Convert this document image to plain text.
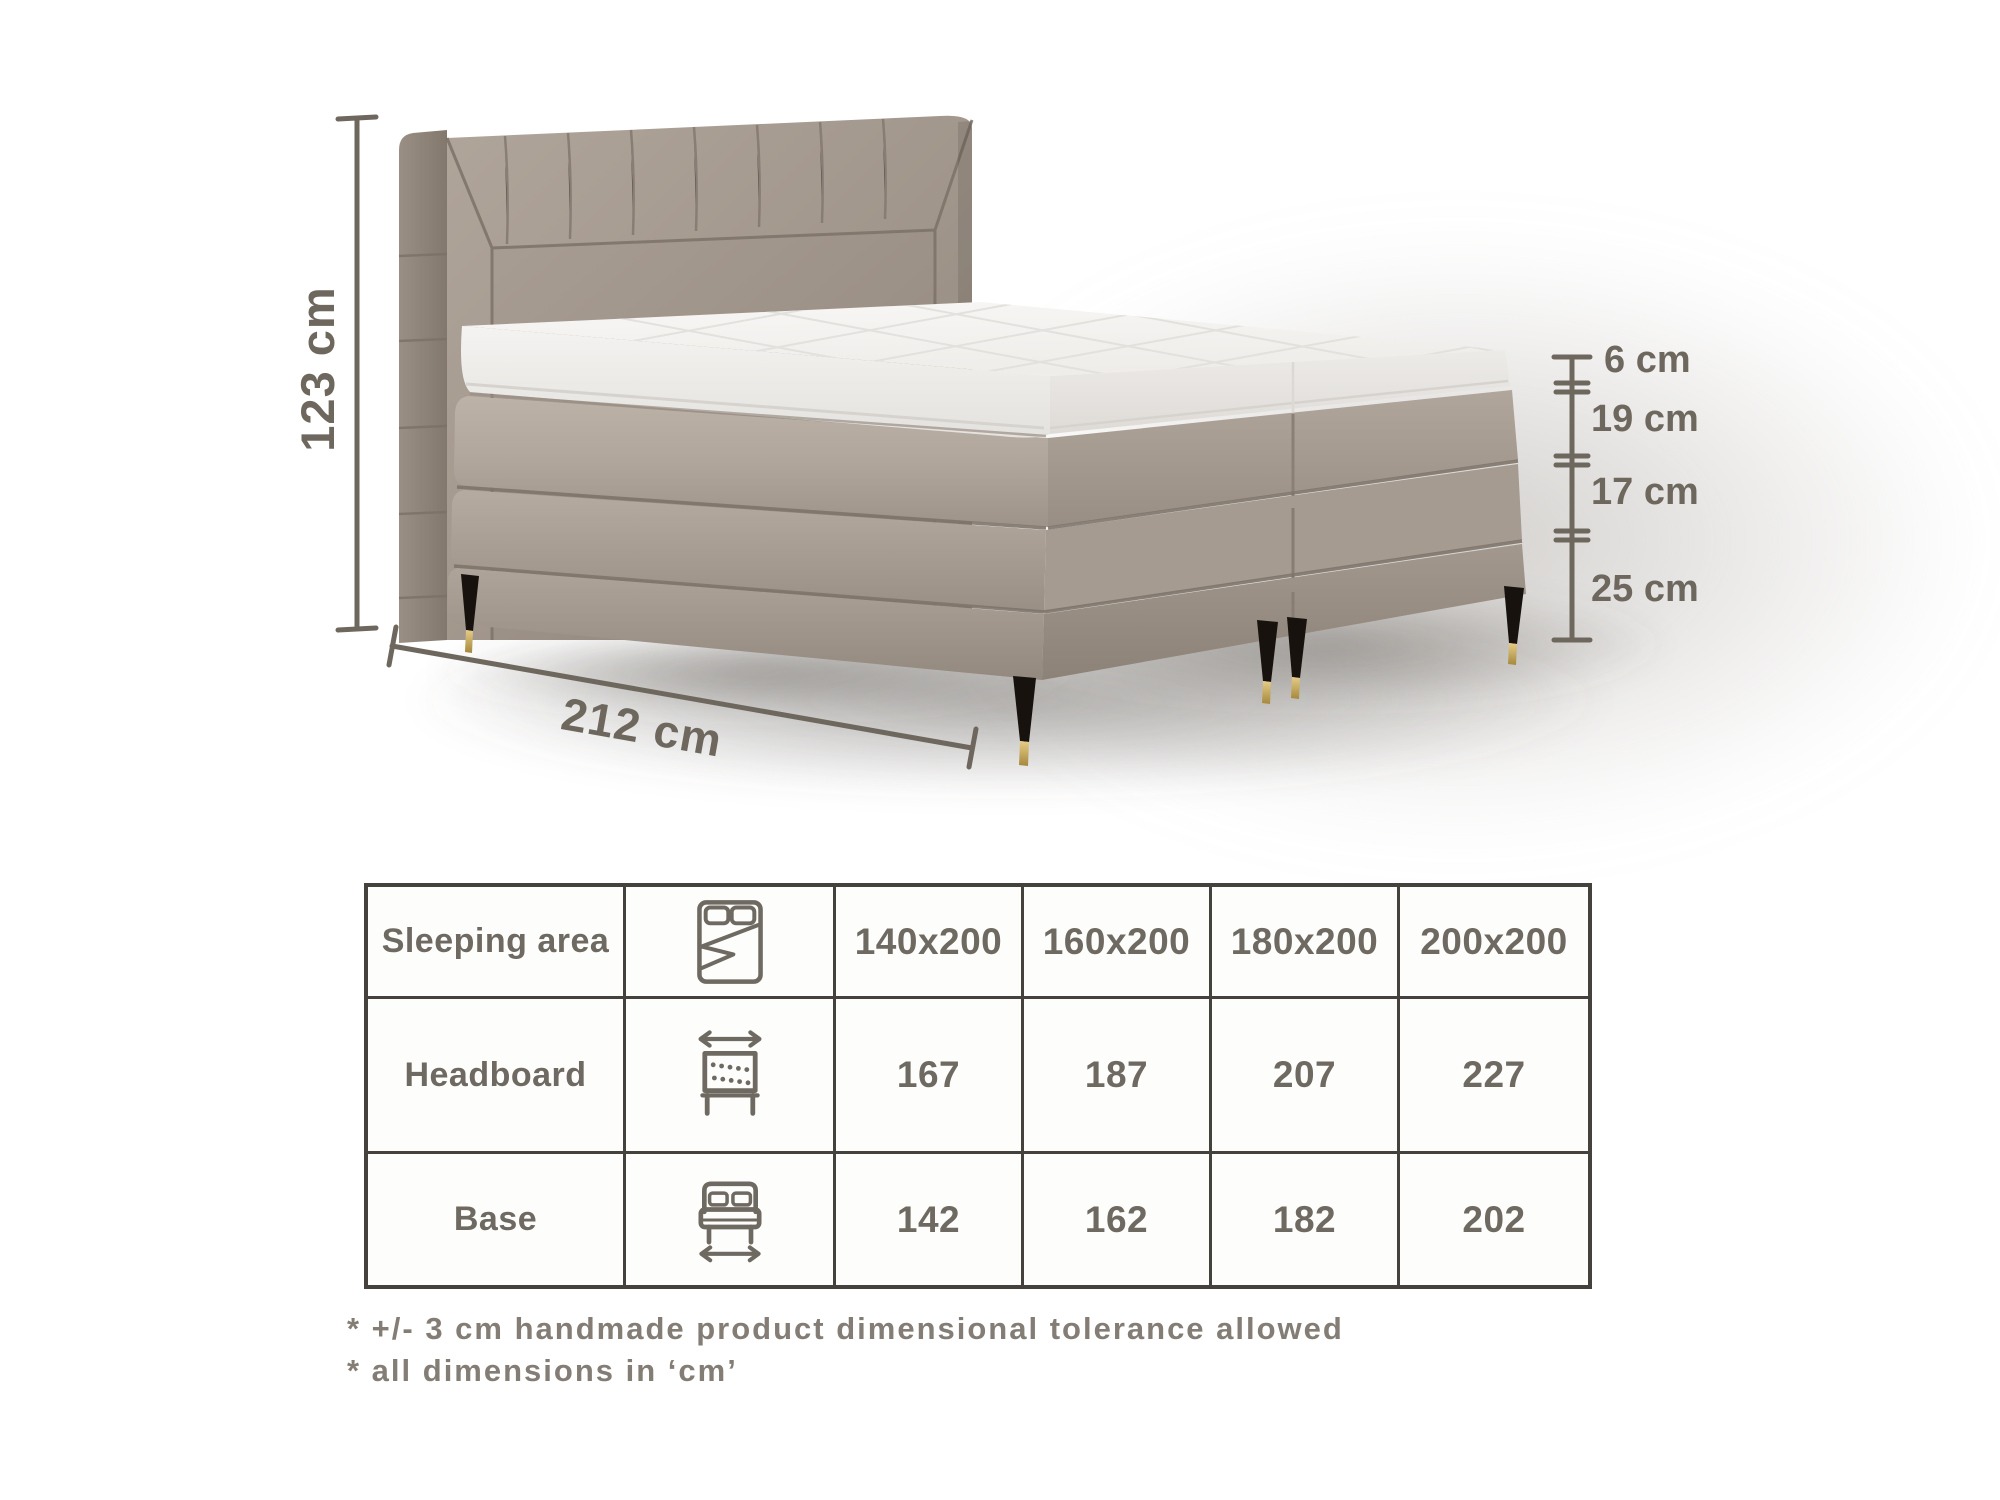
123 cm
212 cm
6 cm
19 cm
17 cm
25 cm
Sleeping area	140x200	160x200	180x200	200x200
Headboard	167	187	207	227
Base	142	162	182	202
* +/- 3 cm handmade product dimensional tolerance allowed
* all dimensions in ‘cm’
